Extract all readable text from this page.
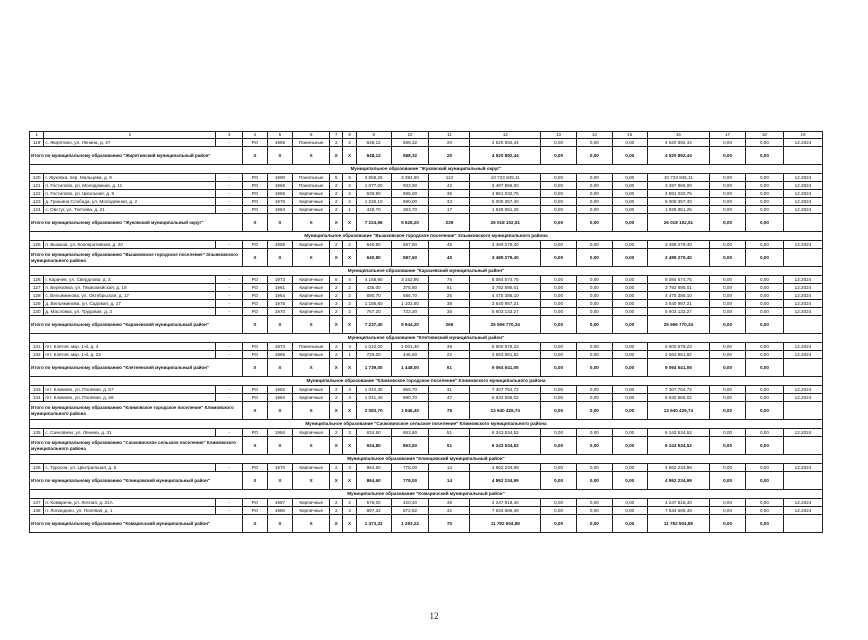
1	2	3	4	5	6	7	8	9	10	11	12	13	14	15	16	17	18	19
119	с. Жирятино, ул. Ленина, д. 47	-	РО	1969	Панельные	2	2	648,12	588,32	20	4 520 892,44	0,00	0,00	0,00	4 520 892,44	0,00	0,00	12.2024
Итого по муниципальному образованию "Жирятинский муниципальный район"			X	X	X	X	X	648,12	588,32	20	4 520 892,44	0,00	0,00	0,00	4 520 892,44	0,00	0,00	
Муниципальное образование "Жуковский муниципальный округ"																		
120	г. Жуковка, пер. Мальцева, д. 9	-	РО	1990	Панельные	5	6	3 858,26	3 394,60	112	10 723 845,11	0,00	0,00	0,00	10 723 845,11	0,00	0,00	12.2024
121	п. Гостилово, ул. Молодежная, д. 11	-	РО	1966	Панельные	2	2	1 077,00	933,90	42	3 497 866,00	0,00	0,00	0,00	3 497 866,00	0,00	0,00	12.2024
122	п. Гостилово, ул. Школьная, д. 8	-	РО	1965	Кирпичные	2	2	636,80	586,00	35	4 861 032,75	0,00	0,00	0,00	4 861 032,75	0,00	0,00	12.2024
123	д. Гришина Слобода, ул. Молодежная, д. 2	-	РО	1976	Кирпичные	2	2	1 226,10	690,00	33	5 006 357,40	0,00	0,00	0,00	5 006 357,40	0,00	0,00	12.2024
124	с. Овстуг, ул. Тютчева, д. 21	-	РО	1984	Кирпичные	2	1	428,70	383,70	17	1 928 951,25	0,00	0,00	0,00	1 928 951,25	0,00	0,00	12.2024
Итого по муниципальному образованию "Жуковский муниципальный округ"			X	X	X	X	X	7 224,96	5 628,20	239	26 018 102,51	0,00	0,00	0,00	26 018 102,51	0,00	0,00	
Муниципальное образование "Вышковское городское поселение" Злынковского муниципального района																		
125	п. Вышков, ул. Кооперативная, д. 20	-	РО	1959	Кирпичные	2	2	640,80	587,60	45	3 489 279,40	0,00	0,00	0,00	3 489 279,40	0,00	0,00	12.2024
Итого по муниципальному образованию "Вышковское городское поселение" Злынковского муниципального района			X	X	X	X	X	640,80	587,60	45	3 489 279,40	0,00	0,00	0,00	3 489 279,40	0,00	0,00	
Муниципальное образование "Карачевский муниципальный район"																		
126	г. Карачев, ул. Свердлова, д. 3	-	РО	1973	Кирпичные	5	4	4 168,90	3 162,90	76	8 084 574,75	0,00	0,00	0,00	8 084 574,75	0,00	0,00	12.2024
127	п. Березовка, ул. Первомайская, д. 18	-	РО	1961	Кирпичные	2	2	435,00	375,60	91	3 792 695,01	0,00	0,00	0,00	3 792 695,01	0,00	0,00	12.2024
128	с. Вельяминова, ул. Октябрьская, д. 17	-	РО	1964	Кирпичные	2	2	690,70	586,70	25	4 475 386,10	0,00	0,00	0,00	4 475 386,10	0,00	0,00	12.2024
129	д. Вельяминова, ул. Садовая, д. 17	-	РО	1976	Кирпичные	3	2	1 185,60	1 102,80	38	3 640 987,21	0,00	0,00	0,00	3 640 987,21	0,00	0,00	12.2024
130	д. Масловка, ул. Трудовая, д. 3	-	РО	1970	Кирпичные	2	2	767,20	722,20	36	5 603 133,27	0,00	0,00	0,00	5 603 133,27	0,00	0,00	12.2024
Итого по муниципальному образованию "Карачевский муниципальный район"			X	X	X	X	X	7 237,40	5 944,20	266	25 596 770,34	0,00	0,00	0,00	25 596 770,34	0,00	0,00	
Муниципальное образование "Клетнянский муниципальный район"																		
131	пгт. Клетня, мкр. 1-й, д. 4	-	РО	1973	Панельные	2	3	1 010,00	1 001,40	39	6 500 679,23	0,00	0,00	0,00	6 500 679,23	0,00	0,00	12.2024
132	пгт. Клетня, мкр. 1-й, д. 22	-	РО	1985	Кирпичные	2	1	729,00	446,60	22	2 563 861,82	0,00	0,00	0,00	2 563 861,82	0,00	0,00	12.2024
Итого по муниципальному образованию "Клетнянский муниципальный район"			X	X	X	X	X	1 739,00	1 448,00	61	9 064 541,05	0,00	0,00	0,00	9 064 541,05	0,00	0,00	
Муниципальное образование "Климовское городское поселение" Климовского муниципального района																		
133	пгт. Климово, ул. Полевая, д. 57	-	РО	1982	Кирпичные	2	3	1 042,30	955,70	31	7 307 764,72	0,00	0,00	0,00	7 307 764,72	0,00	0,00	12.2024
134	пгт. Климово, ул. Полевая, д. 59	-	РО	1984	Кирпичные	2	3	1 041,40	990,70	47	6 632 665,02	0,00	0,00	0,00	6 632 665,02	0,00	0,00	12.2024
Итого по муниципальному образованию "Климовское городское поселение" Климовского муниципального района			X	X	X	X	X	2 083,70	1 946,40	78	13 940 429,74	0,00	0,00	0,00	13 940 429,74	0,00	0,00	
Муниципальное образование "Сачковичское сельское поселение" Климовского муниципального района																		
135	с. Сачковичи, ул. Ленина, д. 31	-	РО	1984	Кирпичные	2	3	934,80	863,60	51	6 243 534,52	0,00	0,00	0,00	6 243 534,52	0,00	0,00	12.2024
Итого по муниципальному образованию "Сачковичское сельское поселение" Климовского муниципального района			X	X	X	X	X	934,80	863,60	51	6 243 534,52	0,00	0,00	0,00	6 243 534,52	0,00	0,00	
Муниципальное образование "Клинцовский муниципальный район"																		
136	с. Туросна, ул. Центральная, д. 5	-	РО	1970	Кирпичные	2	3	864,60	778,00	14	4 862 234,99	0,00	0,00	0,00	4 862 234,99	0,00	0,00	12.2024
Итого по муниципальному образованию "Клинцовский муниципальный район"			X	X	X	X	X	864,60	778,00	14	4 862 234,99	0,00	0,00	0,00	4 862 234,99	0,00	0,00	
Муниципальное образование "Комаричский муниципальный район"																		
137	п. Комаричи, ул. Лесная, д. 21А	-	РО	1987	Кирпичные	2	2	576,00	420,40	38	4 247 818,40	0,00	0,00	0,00	4 247 818,40	0,00	0,00	12.2024
138	п. Лопандино, ул. Полевая, д. 1	-	РО	1980	Кирпичные	2	3	897,32	872,82	32	7 534 686,49	0,00	0,00	0,00	7 534 686,49	0,00	0,00	12.2024
Итого по муниципальному образованию "Комаричский муниципальный район"			X	X	X	X	X	1 473,32	1 293,22	70	11 782 504,89	0,00	0,00	0,00	11 782 504,89	0,00	0,00	
12
